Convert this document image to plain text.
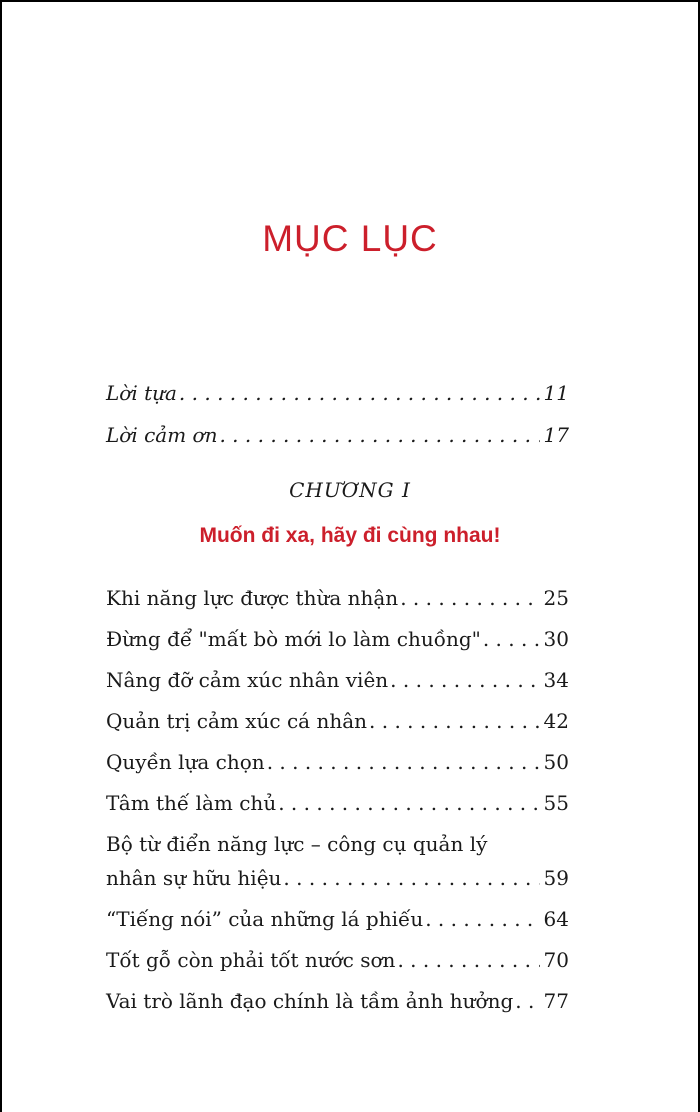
MỤC LỤC
Lời tựa . . .	11
Lời cảm ơn . . .	17
CHƯƠNG I
Muốn đi xa, hãy đi cùng nhau!
Khi năng lực được thừa nhận . . .	25
Đừng để "mất bò mới lo làm chuồng" . . .	30
Nâng đỡ cảm xúc nhân viên . . .	34
Quản trị cảm xúc cá nhân . . .	42
Quyền lựa chọn . . .	50
Tâm thế làm chủ . . .	55
Bộ từ điển năng lực – công cụ quản lý
nhân sự hữu hiệu . . .	59
“Tiếng nói” của những lá phiếu . . .	64
Tốt gỗ còn phải tốt nước sơn . . .	70
Vai trò lãnh đạo chính là tầm ảnh hưởng . . . 77
